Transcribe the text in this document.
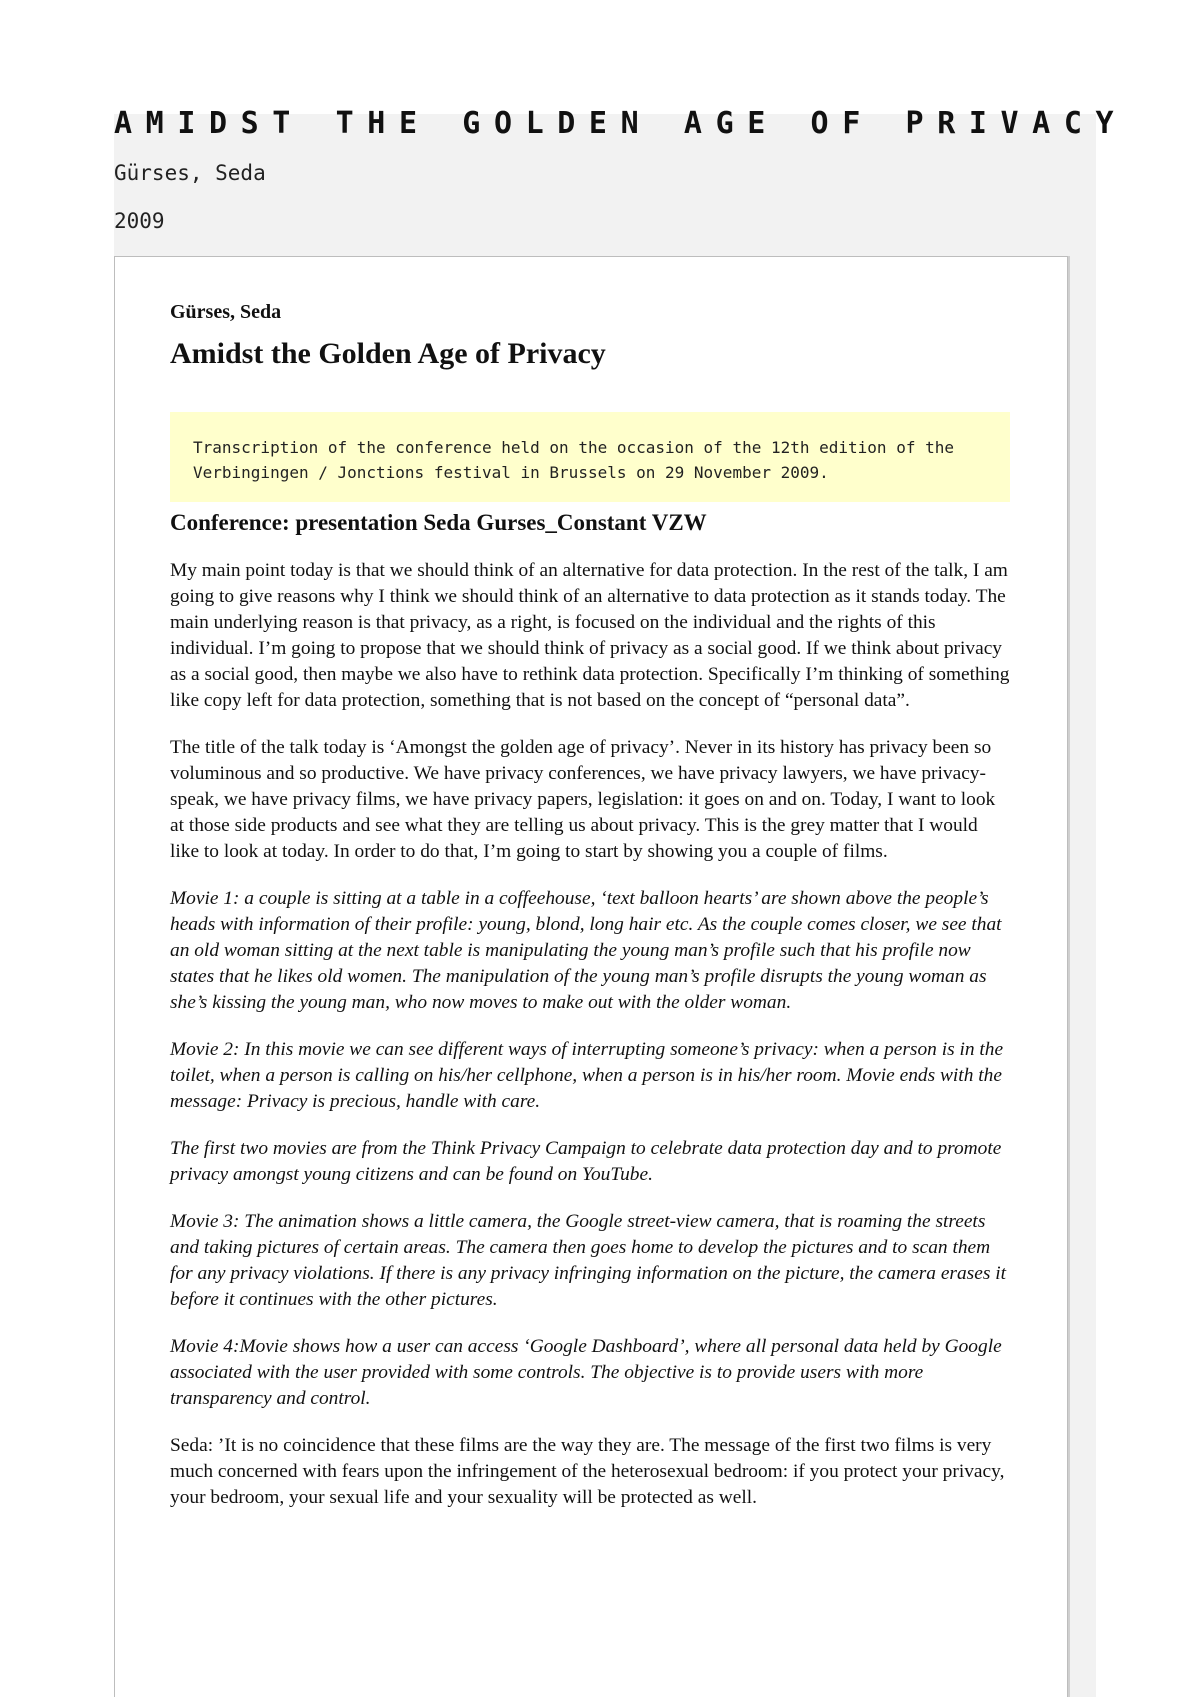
AMIDST THE GOLDEN AGE OF PRIVACY
Gürses, Seda
2009
Gürses, Seda
Amidst the Golden Age of Privacy
Transcription of the conference held on the occasion of the 12th edition of the Verbingingen / Jonctions festival in Brussels on 29 November 2009.
Conference: presentation Seda Gurses_Constant VZW

My main point today is that we should think of an alternative for data protection. In the rest of the talk, I am going to give reasons why I think we should think of an alternative to data protection as it stands today. The main underlying reason is that privacy, as a right, is focused on the individual and the rights of this individual. I’m going to propose that we should think of privacy as a social good. If we think about privacy as a social good, then maybe we also have to rethink data protection. Specifically I’m thinking of something like copy left for data protection, something that is not based on the concept of “personal data”.

The title of the talk today is ‘Amongst the golden age of privacy’. Never in its history has privacy been so voluminous and so productive. We have privacy conferences, we have privacy lawyers, we have privacy-speak, we have privacy films, we have privacy papers, legislation: it goes on and on. Today, I want to look at those side products and see what they are telling us about privacy. This is the grey matter that I would like to look at today. In order to do that, I’m going to start by showing you a couple of films.

Movie 1: a couple is sitting at a table in a coffeehouse, ‘text balloon hearts’ are shown above the people’s heads with information of their profile: young, blond, long hair etc. As the couple comes closer, we see that an old woman sitting at the next table is manipulating the young man’s profile such that his profile now states that he likes old women. The manipulation of the young man’s profile disrupts the young woman as she’s kissing the young man, who now moves to make out with the older woman.

Movie 2: In this movie we can see different ways of interrupting someone’s privacy: when a person is in the toilet, when a person is calling on his/her cellphone, when a person is in his/her room. Movie ends with the message: Privacy is precious, handle with care.

The first two movies are from the Think Privacy Campaign to celebrate data protection day and to promote privacy amongst young citizens and can be found on YouTube.

Movie 3: The animation shows a little camera, the Google street-view camera, that is roaming the streets and taking pictures of certain areas. The camera then goes home to develop the pictures and to scan them for any privacy violations. If there is any privacy infringing information on the picture, the camera erases it before it continues with the other pictures.

Movie 4:Movie shows how a user can access ‘Google Dashboard’, where all personal data held by Google associated with the user provided with some controls. The objective is to provide users with more transparency and control.

Seda: ’It is no coincidence that these films are the way they are. The message of the first two films is very much concerned with fears upon the infringement of the heterosexual bedroom: if you protect your privacy, your bedroom, your sexual life and your sexuality will be protected as well.
